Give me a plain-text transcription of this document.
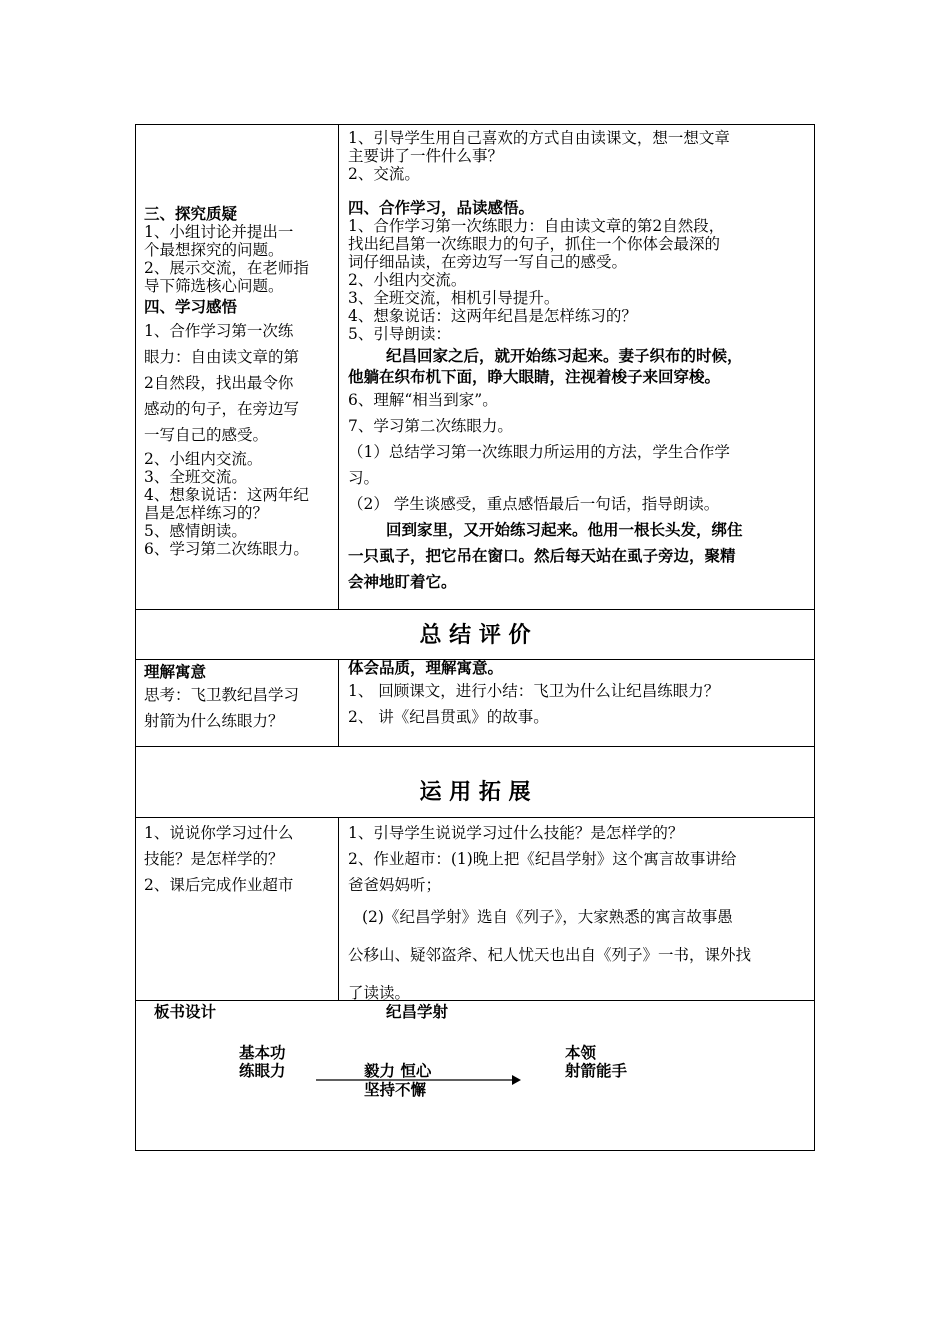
三、探究质疑

1、小组讨论并提出一

个最想探究的问题。

2、展示交流，在老师指

导下筛选核心问题。

四、学习感悟

1、合作学习第一次练

眼力：自由读文章的第

2自然段，找出最令你

感动的句子，在旁边写

一写自己的感受。

2、小组内交流。

3、全班交流。

4、想象说话：这两年纪

昌是怎样练习的？

5、感情朗读。

6、学习第二次练眼力。

1、引导学生用自己喜欢的方式自由读课文，想一想文章

主要讲了一件什么事？

2、交流。

四、合作学习，品读感悟。

1、合作学习第一次练眼力：自由读文章的第2自然段，

找出纪昌第一次练眼力的句子，抓住一个你体会最深的

词仔细品读，在旁边写一写自己的感受。

2、小组内交流。

3、全班交流，相机引导提升。

4、想象说话：这两年纪昌是怎样练习的？

5、引导朗读：

纪昌回家之后，就开始练习起来。妻子织布的时候，

他躺在织布机下面，睁大眼睛，注视着梭子来回穿梭。

6、理解“相当到家”。

7、学习第二次练眼力。

（1）总结学习第一次练眼力所运用的方法，学生合作学

习。

（2） 学生谈感受，重点感悟最后一句话，指导朗读。

回到家里，又开始练习起来。他用一根长头发，绑住

一只虱子，把它吊在窗口。然后每天站在虱子旁边，聚精

会神地盯着它。

总 结 评 价

理解寓意

思考：飞卫教纪昌学习

射箭为什么练眼力？

体会品质，理解寓意。

1、 回顾课文，进行小结：飞卫为什么让纪昌练眼力？

2、 讲《纪昌贯虱》的故事。

运 用 拓 展

1、说说你学习过什么

技能？是怎样学的？

2、课后完成作业超市

1、引导学生说说学习过什么技能？是怎样学的？

2、作业超市：(1)晚上把《纪昌学射》这个寓言故事讲给

爸爸妈妈听；

(2)《纪昌学射》选自《列子》，大家熟悉的寓言故事愚

公移山、疑邻盗斧、杞人忧天也出自《列子》一书，课外找

了读读。

板书设计	纪昌学射

基本功

练眼力	毅力 恒心

坚持不懈

本领

射箭能手
